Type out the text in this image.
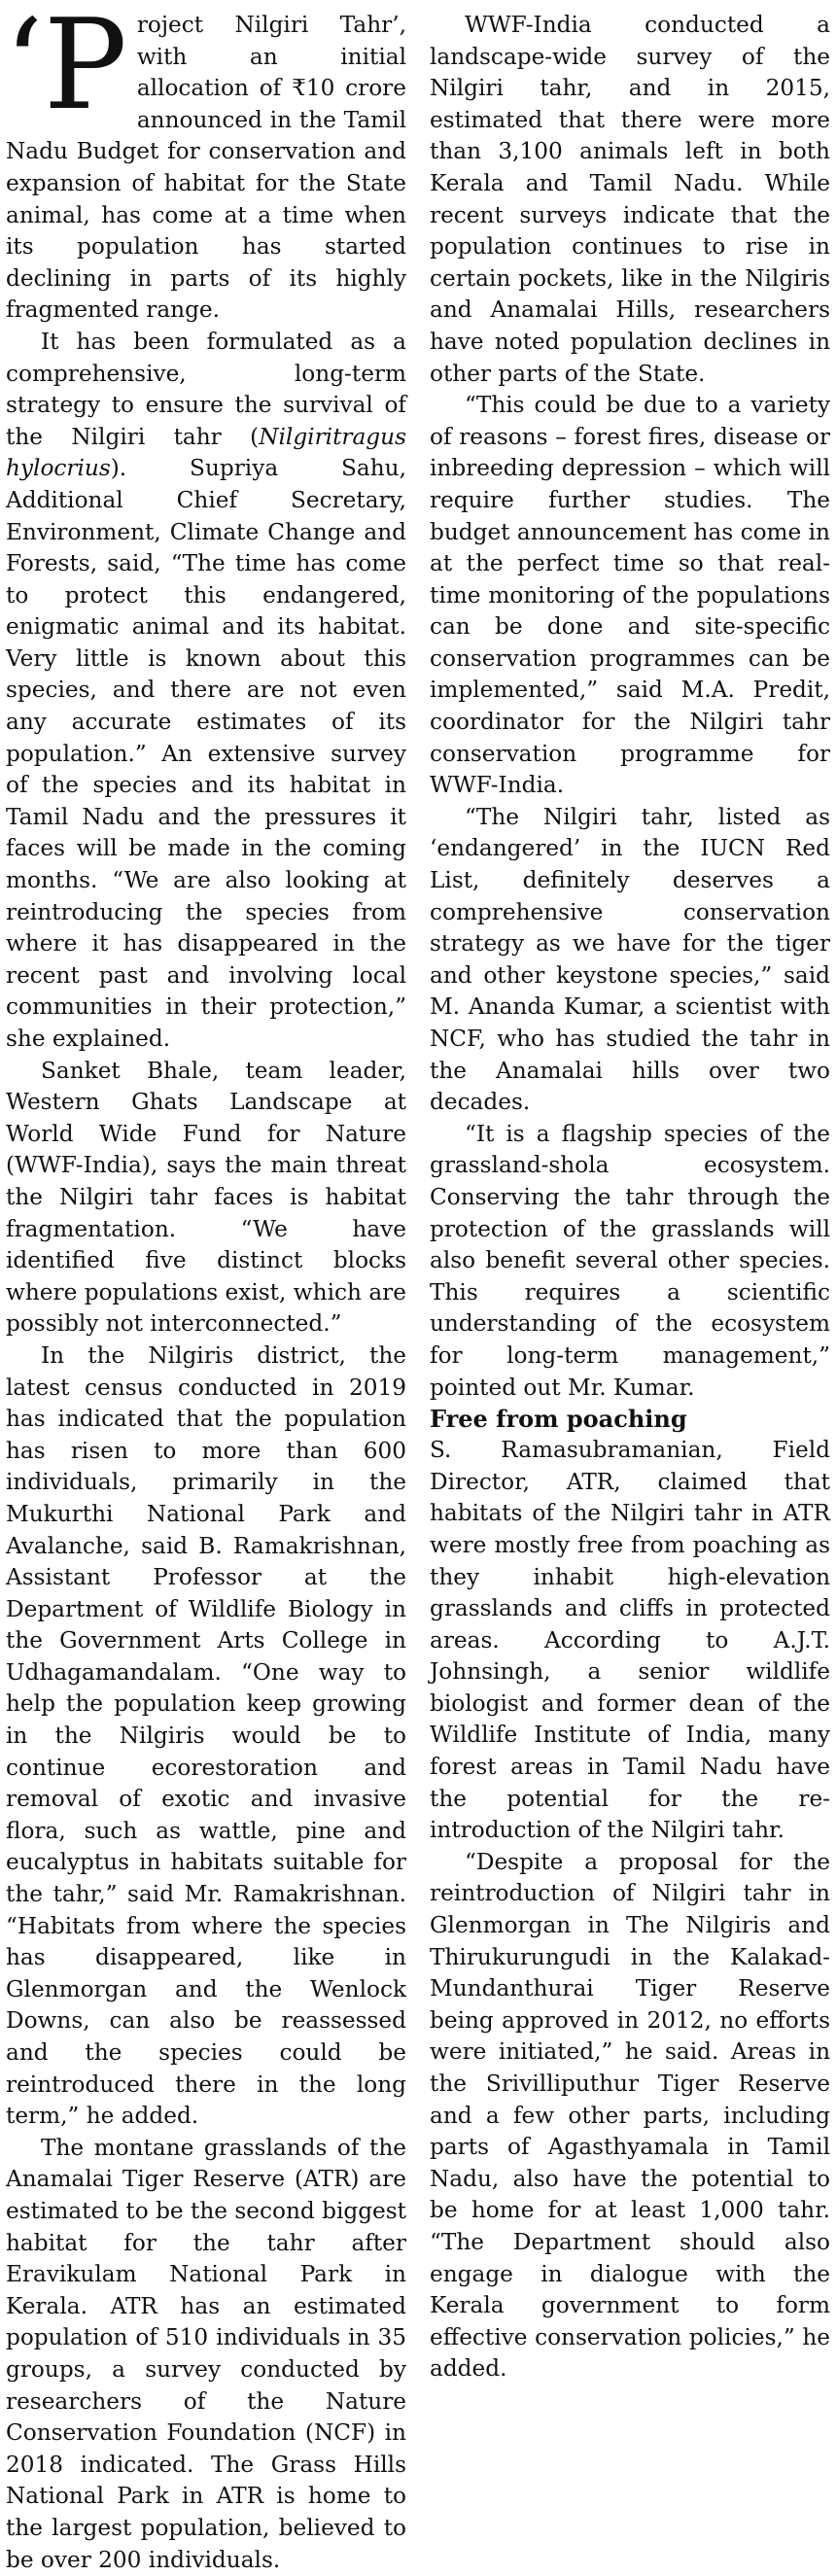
‘Project Nilgiri Tahr’, with an initial allocation of ₹10 crore announced in the Tamil Nadu Budget for conservation and expansion of habitat for the State animal, has come at a time when its population has started declining in parts of its highly fragmented range.

It has been formulated as a comprehensive, long-term strategy to ensure the survival of the Nilgiri tahr (Nilgiritragus hylocrius). Supriya Sahu, Additional Chief Secretary, Environment, Climate Change and Forests, said, “The time has come to protect this endangered, enigmatic animal and its habitat. Very little is known about this species, and there are not even any accurate estimates of its population.” An extensive survey of the species and its habitat in Tamil Nadu and the pressures it faces will be made in the coming months. “We are also looking at reintroducing the species from where it has disappeared in the recent past and involving local communities in their protection,” she explained.

Sanket Bhale, team leader, Western Ghats Landscape at World Wide Fund for Nature (WWF-India), says the main threat the Nilgiri tahr faces is habitat fragmentation. “We have identified five distinct blocks where populations exist, which are possibly not interconnected.”

In the Nilgiris district, the latest census conducted in 2019 has indicated that the population has risen to more than 600 individuals, primarily in the Mukurthi National Park and Avalanche, said B. Ramakrishnan, Assistant Professor at the Department of Wildlife Biology in the Government Arts College in Udhagamandalam. “One way to help the population keep growing in the Nilgiris would be to continue ecorestoration and removal of exotic and invasive flora, such as wattle, pine and eucalyptus in habitats suitable for the tahr,” said Mr. Ramakrishnan. “Habitats from where the species has disappeared, like in Glenmorgan and the Wenlock Downs, can also be reassessed and the species could be reintroduced there in the long term,” he added.

The montane grasslands of the Anamalai Tiger Reserve (ATR) are estimated to be the second biggest habitat for the tahr after Eravikulam National Park in Kerala. ATR has an estimated population of 510 individuals in 35 groups, a survey conducted by researchers of the Nature Conservation Foundation (NCF) in 2018 indicated. The Grass Hills National Park in ATR is home to the largest population, believed to be over 200 individuals.

WWF-India conducted a landscape-wide survey of the Nilgiri tahr, and in 2015, estimated that there were more than 3,100 animals left in both Kerala and Tamil Nadu. While recent surveys indicate that the population continues to rise in certain pockets, like in the Nilgiris and Anamalai Hills, researchers have noted population declines in other parts of the State.

“This could be due to a variety of reasons – forest fires, disease or inbreeding depression – which will require further studies. The budget announcement has come in at the perfect time so that real-time monitoring of the populations can be done and site-specific conservation programmes can be implemented,” said M.A. Predit, coordinator for the Nilgiri tahr conservation programme for WWF-India.

“The Nilgiri tahr, listed as ‘endangered’ in the IUCN Red List, definitely deserves a comprehensive conservation strategy as we have for the tiger and other keystone species,” said M. Ananda Kumar, a scientist with NCF, who has studied the tahr in the Anamalai hills over two decades.

“It is a flagship species of the grassland-shola ecosystem. Conserving the tahr through the protection of the grasslands will also benefit several other species. This requires a scientific understanding of the ecosystem for long-term management,” pointed out Mr. Kumar.

Free from poaching

S. Ramasubramanian, Field Director, ATR, claimed that habitats of the Nilgiri tahr in ATR were mostly free from poaching as they inhabit high-elevation grasslands and cliffs in protected areas. According to A.J.T. Johnsingh, a senior wildlife biologist and former dean of the Wildlife Institute of India, many forest areas in Tamil Nadu have the potential for the re-introduction of the Nilgiri tahr.

“Despite a proposal for the reintroduction of Nilgiri tahr in Glenmorgan in The Nilgiris and Thirukurungudi in the Kalakad-Mundanthurai Tiger Reserve being approved in 2012, no efforts were initiated,” he said. Areas in the Srivilliputhur Tiger Reserve and a few other parts, including parts of Agasthyamala in Tamil Nadu, also have the potential to be home for at least 1,000 tahr. “The Department should also engage in dialogue with the Kerala government to form effective conservation policies,” he added.
